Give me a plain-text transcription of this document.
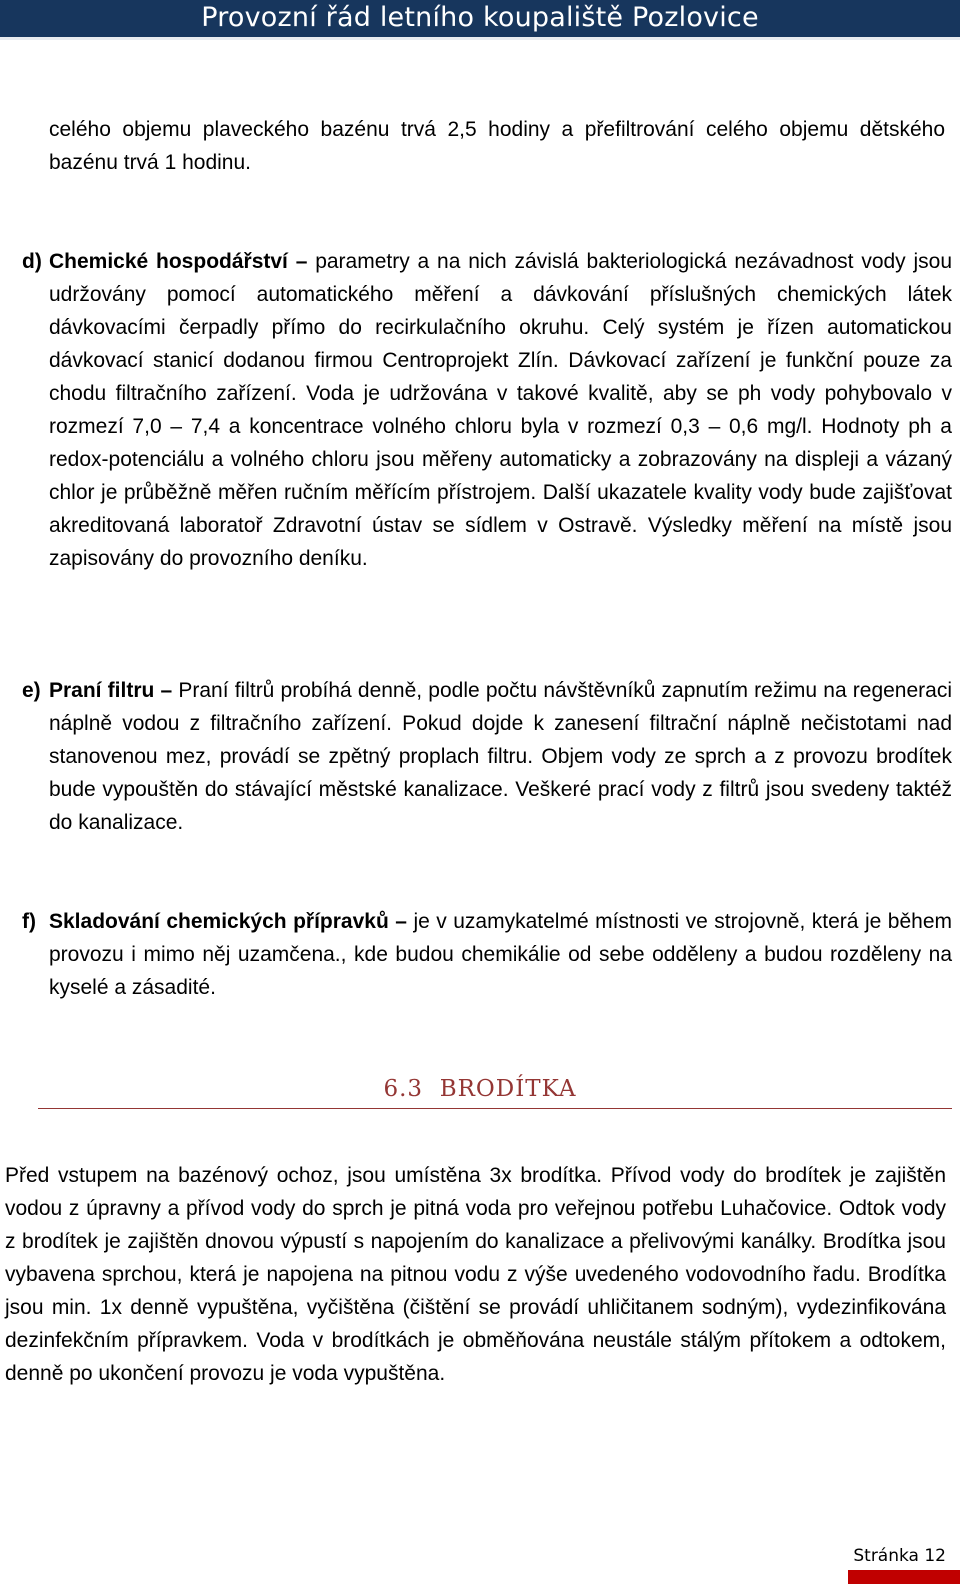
Provozní řád letního koupaliště Pozlovice

celého objemu plaveckého bazénu trvá 2,5 hodiny a přefiltrování celého objemu dětského bazénu trvá 1 hodinu.

d) Chemické hospodářství – parametry a na nich závislá bakteriologická nezávadnost vody jsou udržovány pomocí automatického měření a dávkování příslušných chemických látek dávkovacími čerpadly přímo do recirkulačního okruhu. Celý systém je řízen automatickou dávkovací stanicí dodanou firmou Centroprojekt Zlín. Dávkovací zařízení je funkční pouze za chodu filtračního zařízení. Voda je udržována v takové kvalitě, aby se ph vody pohybovalo v rozmezí 7,0 – 7,4 a koncentrace volného chloru byla v rozmezí 0,3 – 0,6 mg/l. Hodnoty ph a redox-potenciálu a volného chloru jsou měřeny automaticky a zobrazovány na displeji a vázaný chlor je průběžně měřen ručním měřícím přístrojem. Další ukazatele kvality vody bude zajišťovat akreditovaná laboratoř Zdravotní ústav se sídlem v Ostravě. Výsledky měření na místě jsou zapisovány do provozního deníku.

e) Praní filtru – Praní filtrů probíhá denně, podle počtu návštěvníků zapnutím režimu na regeneraci náplně vodou z filtračního zařízení. Pokud dojde k zanesení filtrační náplně nečistotami nad stanovenou mez, provádí se zpětný proplach filtru. Objem vody ze sprch a z provozu brodítek bude vypouštěn do stávající městské kanalizace. Veškeré prací vody z filtrů jsou svedeny taktéž do kanalizace.

f) Skladování chemických přípravků – je v uzamykatelmé místnosti ve strojovně, která je během provozu i mimo něj uzamčena., kde budou chemikálie od sebe odděleny a budou rozděleny na kyselé a zásadité.

6.3 BRODÍTKA

Před vstupem na bazénový ochoz, jsou umístěna 3x brodítka. Přívod vody do brodítek je zajištěn vodou z úpravny a přívod vody do sprch je pitná voda pro veřejnou potřebu Luhačovice. Odtok vody z brodítek je zajištěn dnovou výpustí s napojením do kanalizace a přelivovými kanálky. Brodítka jsou vybavena sprchou, která je napojena na pitnou vodu z výše uvedeného vodovodního řadu. Brodítka jsou min. 1x denně vypuštěna, vyčištěna (čištění se provádí uhličitanem sodným), vydezinfikována dezinfekčním přípravkem. Voda v brodítkách je obměňována neustále stálým přítokem a odtokem, denně po ukončení provozu je voda vypuštěna.

Stránka 12
